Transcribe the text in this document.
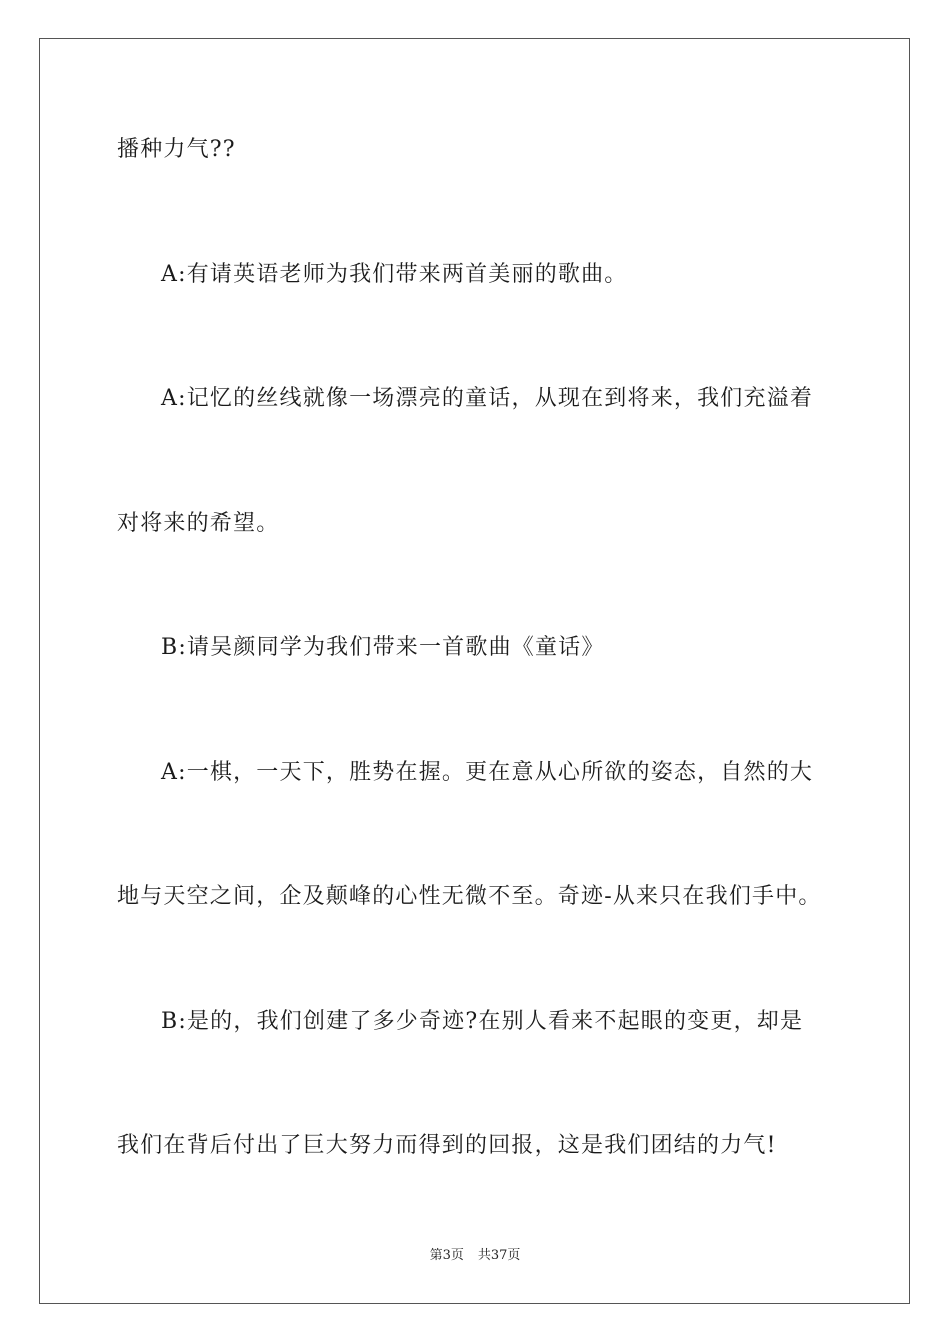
播种力气??
A:有请英语老师为我们带来两首美丽的歌曲。
A:记忆的丝线就像一场漂亮的童话，从现在到将来，我们充溢着
对将来的希望。
B:请吴颜同学为我们带来一首歌曲《童话》
A:一棋，一天下，胜势在握。更在意从心所欲的姿态，自然的大
地与天空之间，企及颠峰的心性无微不至。奇迹-从来只在我们手中。
B:是的，我们创建了多少奇迹?在别人看来不起眼的变更，却是
我们在背后付出了巨大努力而得到的回报，这是我们团结的力气!
第3页 共37页
